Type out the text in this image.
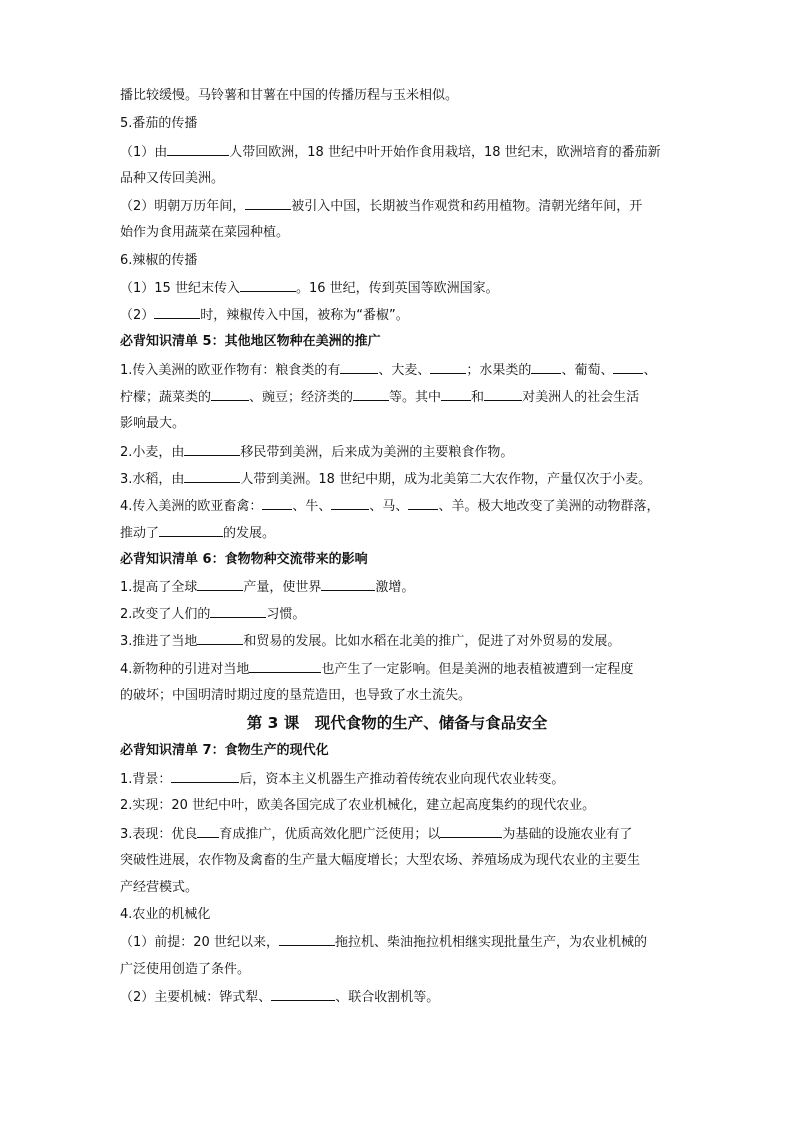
播比较缓慢。马铃薯和甘薯在中国的传播历程与玉米相似。
5.番茄的传播
（1）由	人带回欧洲，18 世纪中叶开始作食用栽培，18 世纪末，欧洲培育的番茄新
品种又传回美洲。
（2）明朝万历年间，	被引入中国，长期被当作观赏和药用植物。清朝光绪年间，开
始作为食用蔬菜在菜园种植。
6.辣椒的传播
（1）15 世纪末传入	。16 世纪，传到英国等欧洲国家。
（2）	时，辣椒传入中国，被称为“番椒”。
必背知识清单 5：其他地区物种在美洲的推广
1.传入美洲的欧亚作物有：粮食类的有	、大麦、	；水果类的 、葡萄、 、
柠檬；蔬菜类的	、豌豆；经济类的	等。其中 和	对美洲人的社会生活
影响最大。
2.小麦，由	移民带到美洲，后来成为美洲的主要粮食作物。
3.水稻，由	人带到美洲。18 世纪中期，成为北美第二大农作物，产量仅次于小麦。
4.传入美洲的欧亚畜禽： 、牛、	、马、 、羊。极大地改变了美洲的动物群落，
推动了	的发展。
必背知识清单 6：食物物种交流带来的影响
1.提高了全球	产量，使世界	激增。
2.改变了人们的	习惯。
3.推进了当地	和贸易的发展。比如水稻在北美的推广，促进了对外贸易的发展。
4.新物种的引进对当地	也产生了一定影响。但是美洲的地表植被遭到一定程度
的破坏；中国明清时期过度的垦荒造田，也导致了水土流失。
第 3 课　现代食物的生产、储备与食品安全
必背知识清单 7：食物生产的现代化
1.背景：	后，资本主义机器生产推动着传统农业向现代农业转变。
2.实现：20 世纪中叶，欧美各国完成了农业机械化，建立起高度集约的现代农业。
3.表现：优良 育成推广，优质高效化肥广泛使用；以	为基础的设施农业有了
突破性进展，农作物及禽畜的生产量大幅度增长；大型农场、养殖场成为现代农业的主要生
产经营模式。
4.农业的机械化
（1）前提：20 世纪以来，	拖拉机、柴油拖拉机相继实现批量生产，为农业机械的
广泛使用创造了条件。
（2）主要机械：铧式犁、	、联合收割机等。
